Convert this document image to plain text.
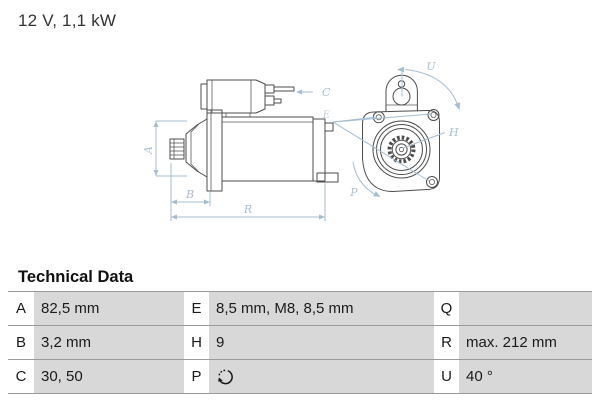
12 V, 1,1 kW
A
B
R
C
E
H
U
P
Technical Data
A	82,5 mm	E 8,5 mm, M8, 8,5 mm	Q
B	3,2 mm	H 9	R max. 212 mm
C 30, 50	P	U 40 °
